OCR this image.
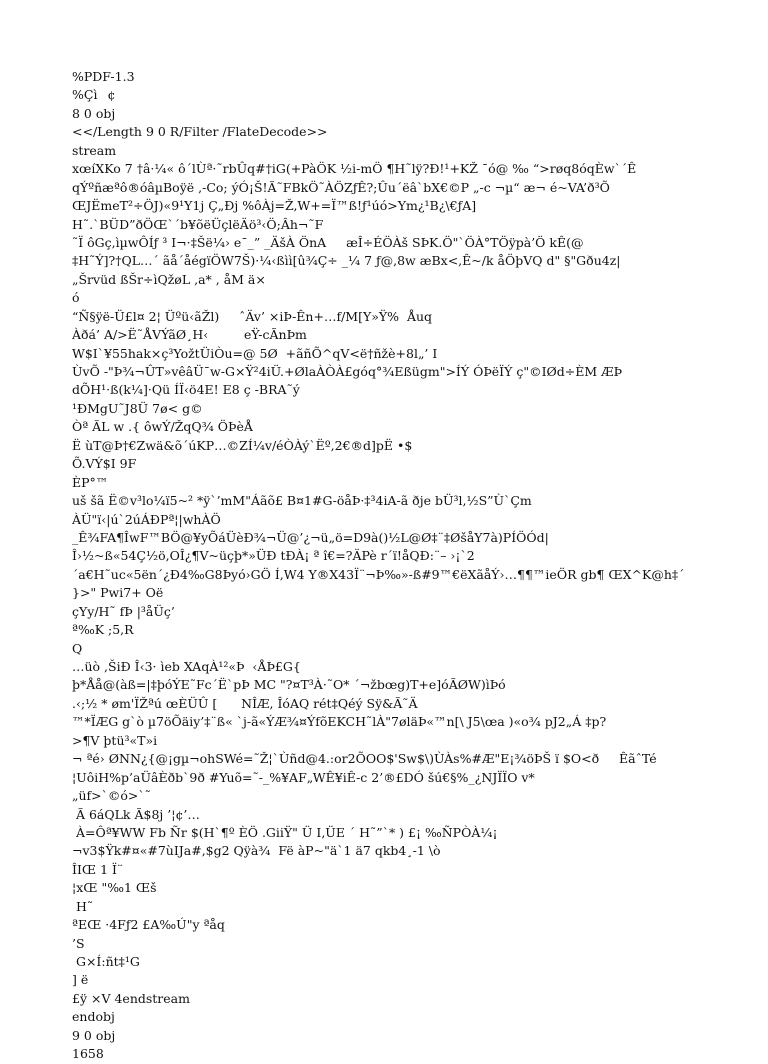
%PDF-1.3
%Çì¢
8 0 obj
<</Length 9 0 R/Filter /FlateDecode>>
stream
xœíXKo 7 †â·¼« ô´lÙª·˜rbÛq#†iG(+PàÖK ½i-mÖ ¶H˜lÿ?Ð!¹+KŽ ¯ó@ ‰ “>røq8óqÈw`´Ê
qÝºñæªô®óâµBoÿë ,-Co; ýÓ¡Š!Ã˜FBkÖ˜ÀÖZƒÊ?;Ûu´ëâ`bX€©P „-c ¬µ“ æ¬ é~VA’ð³Õ
ŒJËmeT²÷ÖJ)«9¹Y1j Ç„Ðj %ôÀj=Ž,W+=Ï™ß!ƒ¹úó>Ym¿¹B¿\€ƒA]
H˜.`BÜD”ðÖŒ`´b¥õëÜçlëÄö³‹Ö;Âh¬˜F
˜Ï ôGç,ìµwÔÍƒ ³ I¬·‡Šë¼› e¯_” _ÄšÀ ÖnA     æÎ÷ÉÖÀš SÞK.Ö"`ÖÀ°TÖÿpà’Ö kÊ(@
‡H˜Ý]?†QL…´ ãå´åégïÖW7Š)·¼‹ßìì[û¾Ç÷ _¼ 7 ƒ@,8w æBx<,Ê~/k åÖþVQ d" §"Gðu4z|
„Šrvüd ßŠr÷ìQžøL ,a* , åM ä×
ó
“Ñ§ÿë-Ü£l¤ 2¦ Üºü‹ãŽl)     ˆÄv’ ×iÞ-Ên+…f/M[Y»Ÿ%  Åuq
Àðá’ A/>Ë˜ÅVÝãØ¸H‹         eŸ-cÃnÞm
W$I`¥55hak×ç³YožtÜiÒu=@ 5Ø  +ãñÕ^qV<ë†ñžè+8l„’ I
ÙvÕ -"Þ¾¬ÛT»vêâÜ¯w-G×Ÿ²4iÜ.+ØlaÀÒÀ£góq°¾Eßügm">ÍÝ ÓÞëÏÝ ç"©IØd÷ÈM ÆÞ
dÕH¹·ß(k¼]·Qü ÍÏ‹ö4E! E8 ç -BRA˜ý
¹ÐMgU˜J8Ü 7ø< g©
Òª ÃL w .{ ôwÝ/ŽqQ¾ ÖÞèÅ
Ë ùT@Þ†€Zwä&õ´úKP…©ZÍ¼v/éÒÀý`Ëº,2€®d]pË •$
Õ.VÝ$I 9F
ÈP°™
uš šã Ë©v³lo¼ï5~² *ÿ`’mM"Áãõ£ B¤1#G-öåÞ·‡³4iA-ã ðje bÜ³l,½S”Ù`Çm
ÀÜ"ï‹|ú`2úÁÐPª¦|whÀÖ
_Ê¾FA¶ÎwF™BÖ@¥yÕáÜèÐ¾¬Ü@’¿¬ü„ö=D9à()½L@Ø‡¨‡ØšåY7à)PÍÖÓd|
Î›½~ß«54Ç½ö,OÎ¿¶V~üçþ*»ÜÐ tÐÀ¡ ª î€=?ÄPè r´ï!åQÐ:¨– ›¡`2
´a€H˜uc«5ën´¿Ð4‰G8Þyó›GÖ Í,W4 Y®X43Ï¨¬Þ‰»-ß#9™€ëXãåÝ›…¶¶™ieÖR gb¶ ŒX^K@h‡´
}>" Pwi7+ Oë
çYy/H˜ fÞ |³åÜç’
ª‰K ;5,R
Q
…üò ,ŠiÐ Î‹3· ìeb XAqÀ¹²«Þ  ‹ÅÞ£G{
þ*Åå@(àß=|‡þóÝE˜Fc´Ë`pÞ MC "?¤T³À·˜O* ´¬žbœg)T+e]óÃØW)ìÞó
.‹;½ * øm'ÏŽªú œÈÜÛ [      NÎÆ, ÎóAQ rét‡Qéý Sÿ&Ã˜Ä
™*ÏÆG g`ò µ7öÕäiy’‡¨ß« `j-ã«ÝÆ¾¤ÝfõEKCH˜lÀ"7øläÞ«™n[\ J5\œa )«o¾ pJ2„Á ‡p?
>¶V þtü³«T»i
¬ ªé› ØNN¿{@¡gµ¬ohSWé=˜Ž¦`Ùñd@4.:or2ÕOO$'Sw$\)ÙÀs%#Æ"E¡¾öÞŠ ï $O<ð     ÊãˆTé
¦UôiH%p’aÜâÈðb`9ð #Yuõ=˜-_%¥AF„WÊ¥iÊ-c 2’®£DÓ šú€§%_¿NJÏÏO v*
„üf>`©ó>`˜
Ã 6áQLk Ã$8j ’¦¢’…
À=Ôª¥WW Fb Ñr $(H`¶º ÈÖ .GiiŸ" Ü I,ÜE ´ H˜”`* ) £¡ ‰ÑPÒÀ¼¡
¬v3$Ÿk#¤«#7ùIJa#,$g2 Qÿà¾  Fë àP~"ä`1 ä7 qkb4¸-1 \ò
ÎIŒ 1 Ï¨
¦xŒ "‰1 Œš
H˜
ªEŒ ·4Fƒ2 £A‰Ú"y ªåq
’S
G×Í:ñt‡¹G
] ë
£ÿ ×V 4endstream
endobj
9 0 obj
1658
